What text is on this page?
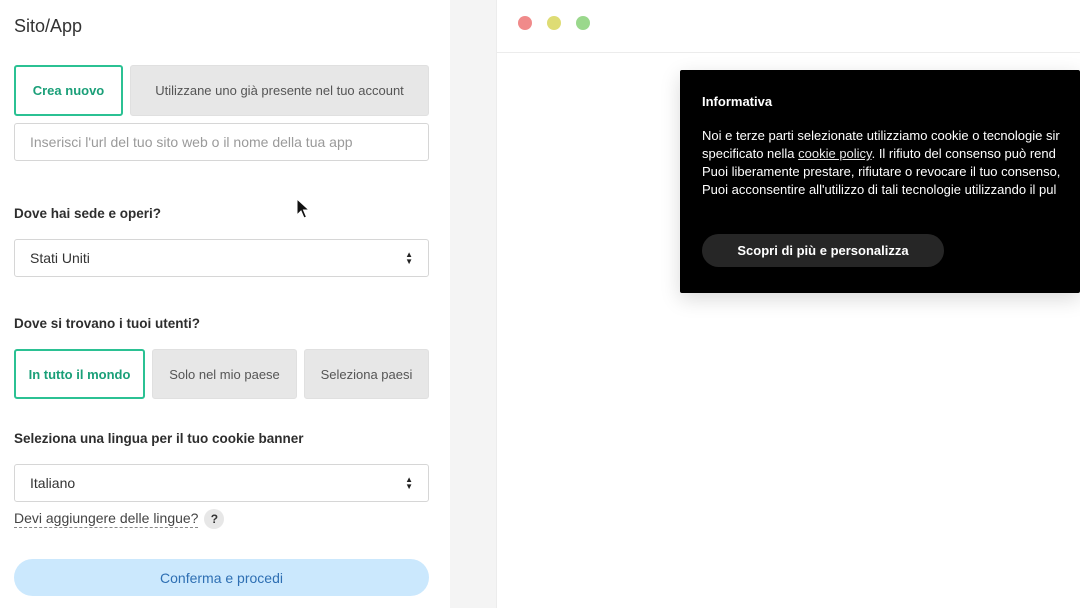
Sito/App
Crea nuovo	Utilizzane uno già presente nel tuo account
Inserisci l'url del tuo sito web o il nome della tua app
Dove hai sede e operi?
Stati Uniti	▲
▼
Dove si trovano i tuoi utenti?
In tutto il mondo	Solo nel mio paese	Seleziona paesi
Seleziona una lingua per il tuo cookie banner
Italiano	▲
▼
Devi aggiungere delle lingue?	?
Conferma e procedi
Informativa
Noi e terze parti selezionate utilizziamo cookie o tecnologie sir
specificato nella cookie policy. Il rifiuto del consenso può rend
Puoi liberamente prestare, rifiutare o revocare il tuo consenso,
Puoi acconsentire all'utilizzo di tali tecnologie utilizzando il pul
Scopri di più e personalizza
